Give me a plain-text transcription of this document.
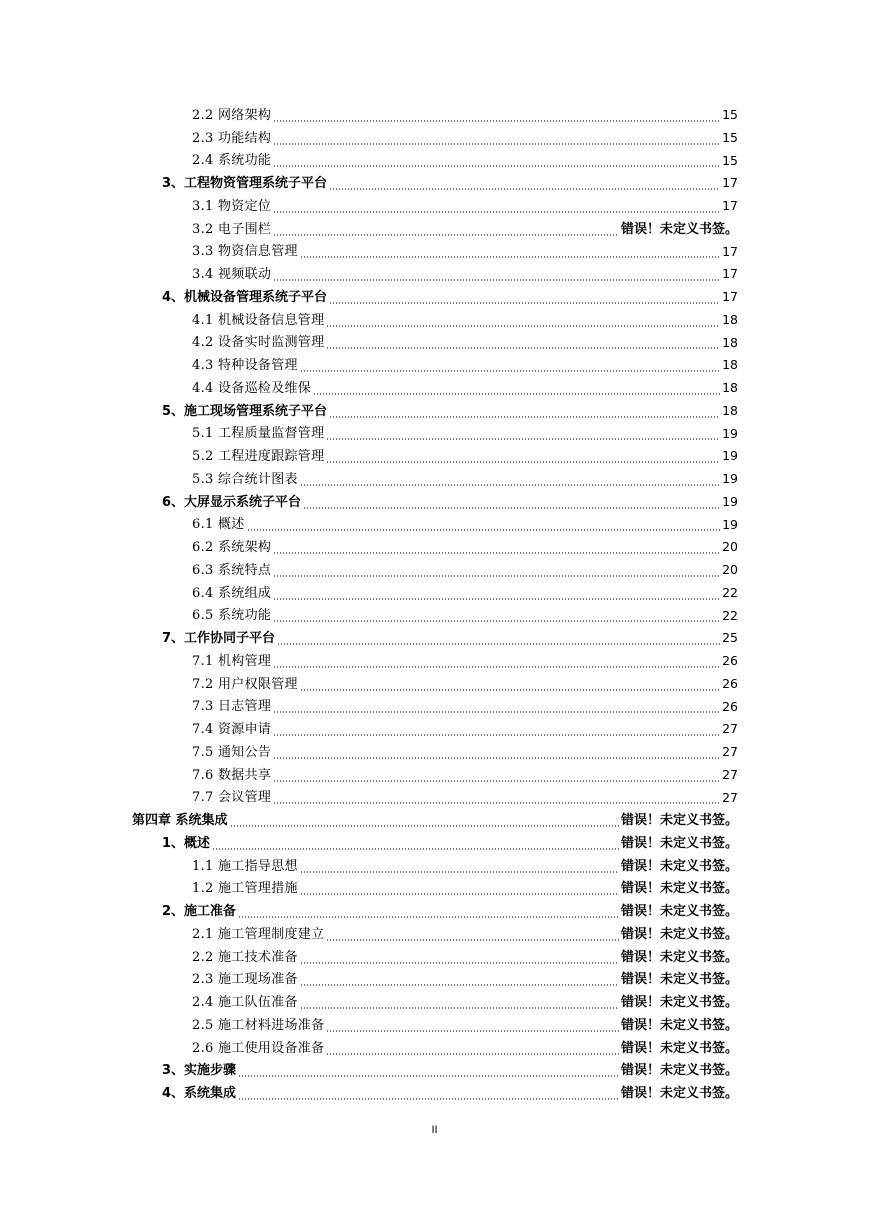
2.2 网络架构	15
2.3 功能结构	15
2.4 系统功能	15
3、工程物资管理系统子平台	17
3.1 物资定位	17
3.2 电子围栏	错误！未定义书签。
3.3 物资信息管理	17
3.4 视频联动	17
4、机械设备管理系统子平台	17
4.1 机械设备信息管理	18
4.2 设备实时监测管理	18
4.3 特种设备管理	18
4.4 设备巡检及维保	18
5、施工现场管理系统子平台	18
5.1 工程质量监督管理	19
5.2 工程进度跟踪管理	19
5.3 综合统计图表	19
6、大屏显示系统子平台	19
6.1 概述	19
6.2 系统架构	20
6.3 系统特点	20
6.4 系统组成	22
6.5 系统功能	22
7、工作协同子平台	25
7.1 机构管理	26
7.2 用户权限管理	26
7.3 日志管理	26
7.4 资源申请	27
7.5 通知公告	27
7.6 数据共享	27
7.7 会议管理	27
第四章 系统集成	错误！未定义书签。
1、概述	错误！未定义书签。
1.1 施工指导思想	错误！未定义书签。
1.2 施工管理措施	错误！未定义书签。
2、施工准备	错误！未定义书签。
2.1 施工管理制度建立	错误！未定义书签。
2.2 施工技术准备	错误！未定义书签。
2.3 施工现场准备	错误！未定义书签。
2.4 施工队伍准备	错误！未定义书签。
2.5 施工材料进场准备	错误！未定义书签。
2.6 施工使用设备准备	错误！未定义书签。
3、实施步骤	错误！未定义书签。
4、系统集成	错误！未定义书签。
II
